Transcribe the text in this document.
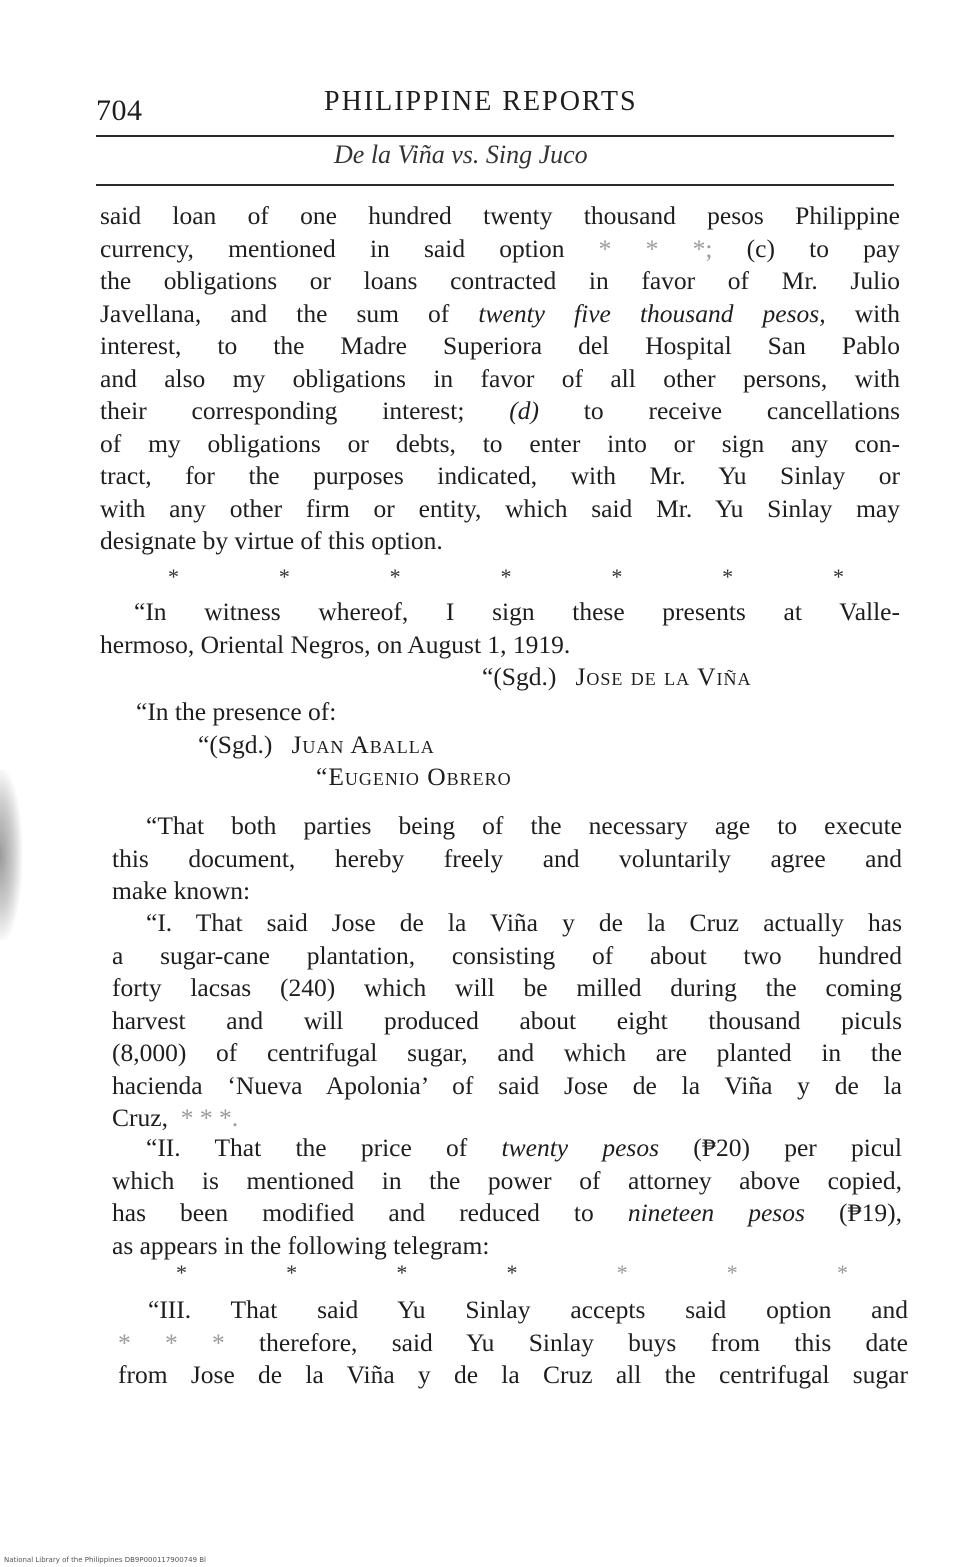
704	PHILIPPINE REPORTS
De la Viña vs. Sing Juco
said loan of one hundred twenty thousand pesos Philippine
currency, mentioned in said option * * *; (c) to pay
the obligations or loans contracted in favor of Mr. Julio
Javellana, and the sum of twenty five thousand pesos, with
interest, to the Madre Superiora del Hospital San Pablo
and also my obligations in favor of all other persons, with
their corresponding interest; (d) to receive cancellations
of my obligations or debts, to enter into or sign any con-
tract, for the purposes indicated, with Mr. Yu Sinlay or
with any other firm or entity, which said Mr. Yu Sinlay may
designate by virtue of this option.
*	*	*	*	*	*	*
“In witness whereof, I sign these presents at Valle-
hermoso, Oriental Negros, on August 1, 1919.
“(Sgd.) Jose de la Viña
“In the presence of:
“(Sgd.) Juan Aballa
“Eugenio Obrero
“That both parties being of the necessary age to execute
this document, hereby freely and voluntarily agree and
make known:
“I. That said Jose de la Viña y de la Cruz actually has
a sugar-cane plantation, consisting of about two hundred
forty lacsas (240) which will be milled during the coming
harvest and will produced about eight thousand piculs
(8,000) of centrifugal sugar, and which are planted in the
hacienda ‘Nueva Apolonia’ of said Jose de la Viña y de la
Cruz, * * *.
“II. That the price of twenty pesos (₱20) per picul
which is mentioned in the power of attorney above copied,
has been modified and reduced to nineteen pesos (₱19),
as appears in the following telegram:
*	*	*	*	*	*	*
“III. That said Yu Sinlay accepts said option and
* * * therefore, said Yu Sinlay buys from this date
from Jose de la Viña y de la Cruz all the centrifugal sugar
National Library of the Philippines DB9P000117900749 Bl
